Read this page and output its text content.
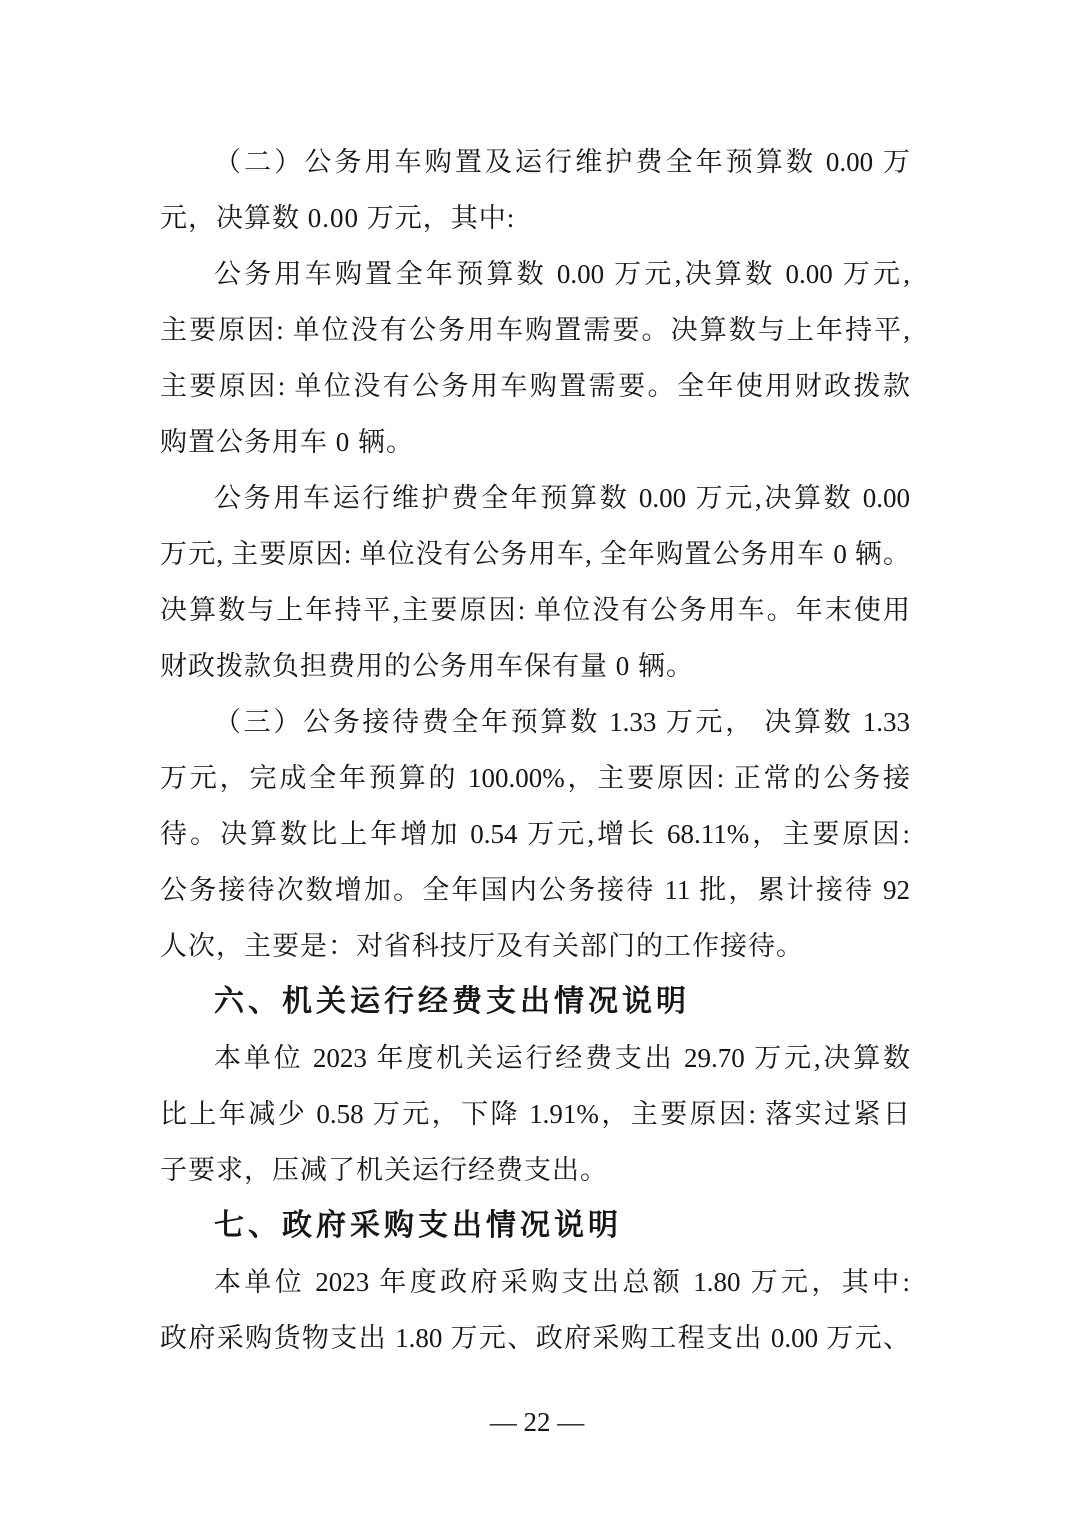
（二）公务用车购置及运行维护费全年预算数 0.00 万
元，决算数 0.00 万元，其中:
公务用车购置全年预算数 0.00 万元,决算数 0.00 万元,
主要原因: 单位没有公务用车购置需要。决算数与上年持平,
主要原因: 单位没有公务用车购置需要。全年使用财政拨款
购置公务用车 0 辆。
公务用车运行维护费全年预算数 0.00 万元,决算数 0.00
万元, 主要原因: 单位没有公务用车, 全年购置公务用车 0 辆。
决算数与上年持平,主要原因: 单位没有公务用车。年末使用
财政拨款负担费用的公务用车保有量 0 辆。
（三）公务接待费全年预算数 1.33 万元， 决算数 1.33
万元，完成全年预算的 100.00%，主要原因: 正常的公务接
待。决算数比上年增加 0.54 万元,增长 68.11%，主要原因:
公务接待次数增加。全年国内公务接待 11 批，累计接待 92
人次，主要是：对省科技厅及有关部门的工作接待。
六、机关运行经费支出情况说明
本单位 2023 年度机关运行经费支出 29.70 万元,决算数
比上年减少 0.58 万元，下降 1.91%，主要原因: 落实过紧日
子要求，压减了机关运行经费支出。
七、政府采购支出情况说明
本单位 2023 年度政府采购支出总额 1.80 万元，其中:
政府采购货物支出 1.80 万元、政府采购工程支出 0.00 万元、
— 22 —
